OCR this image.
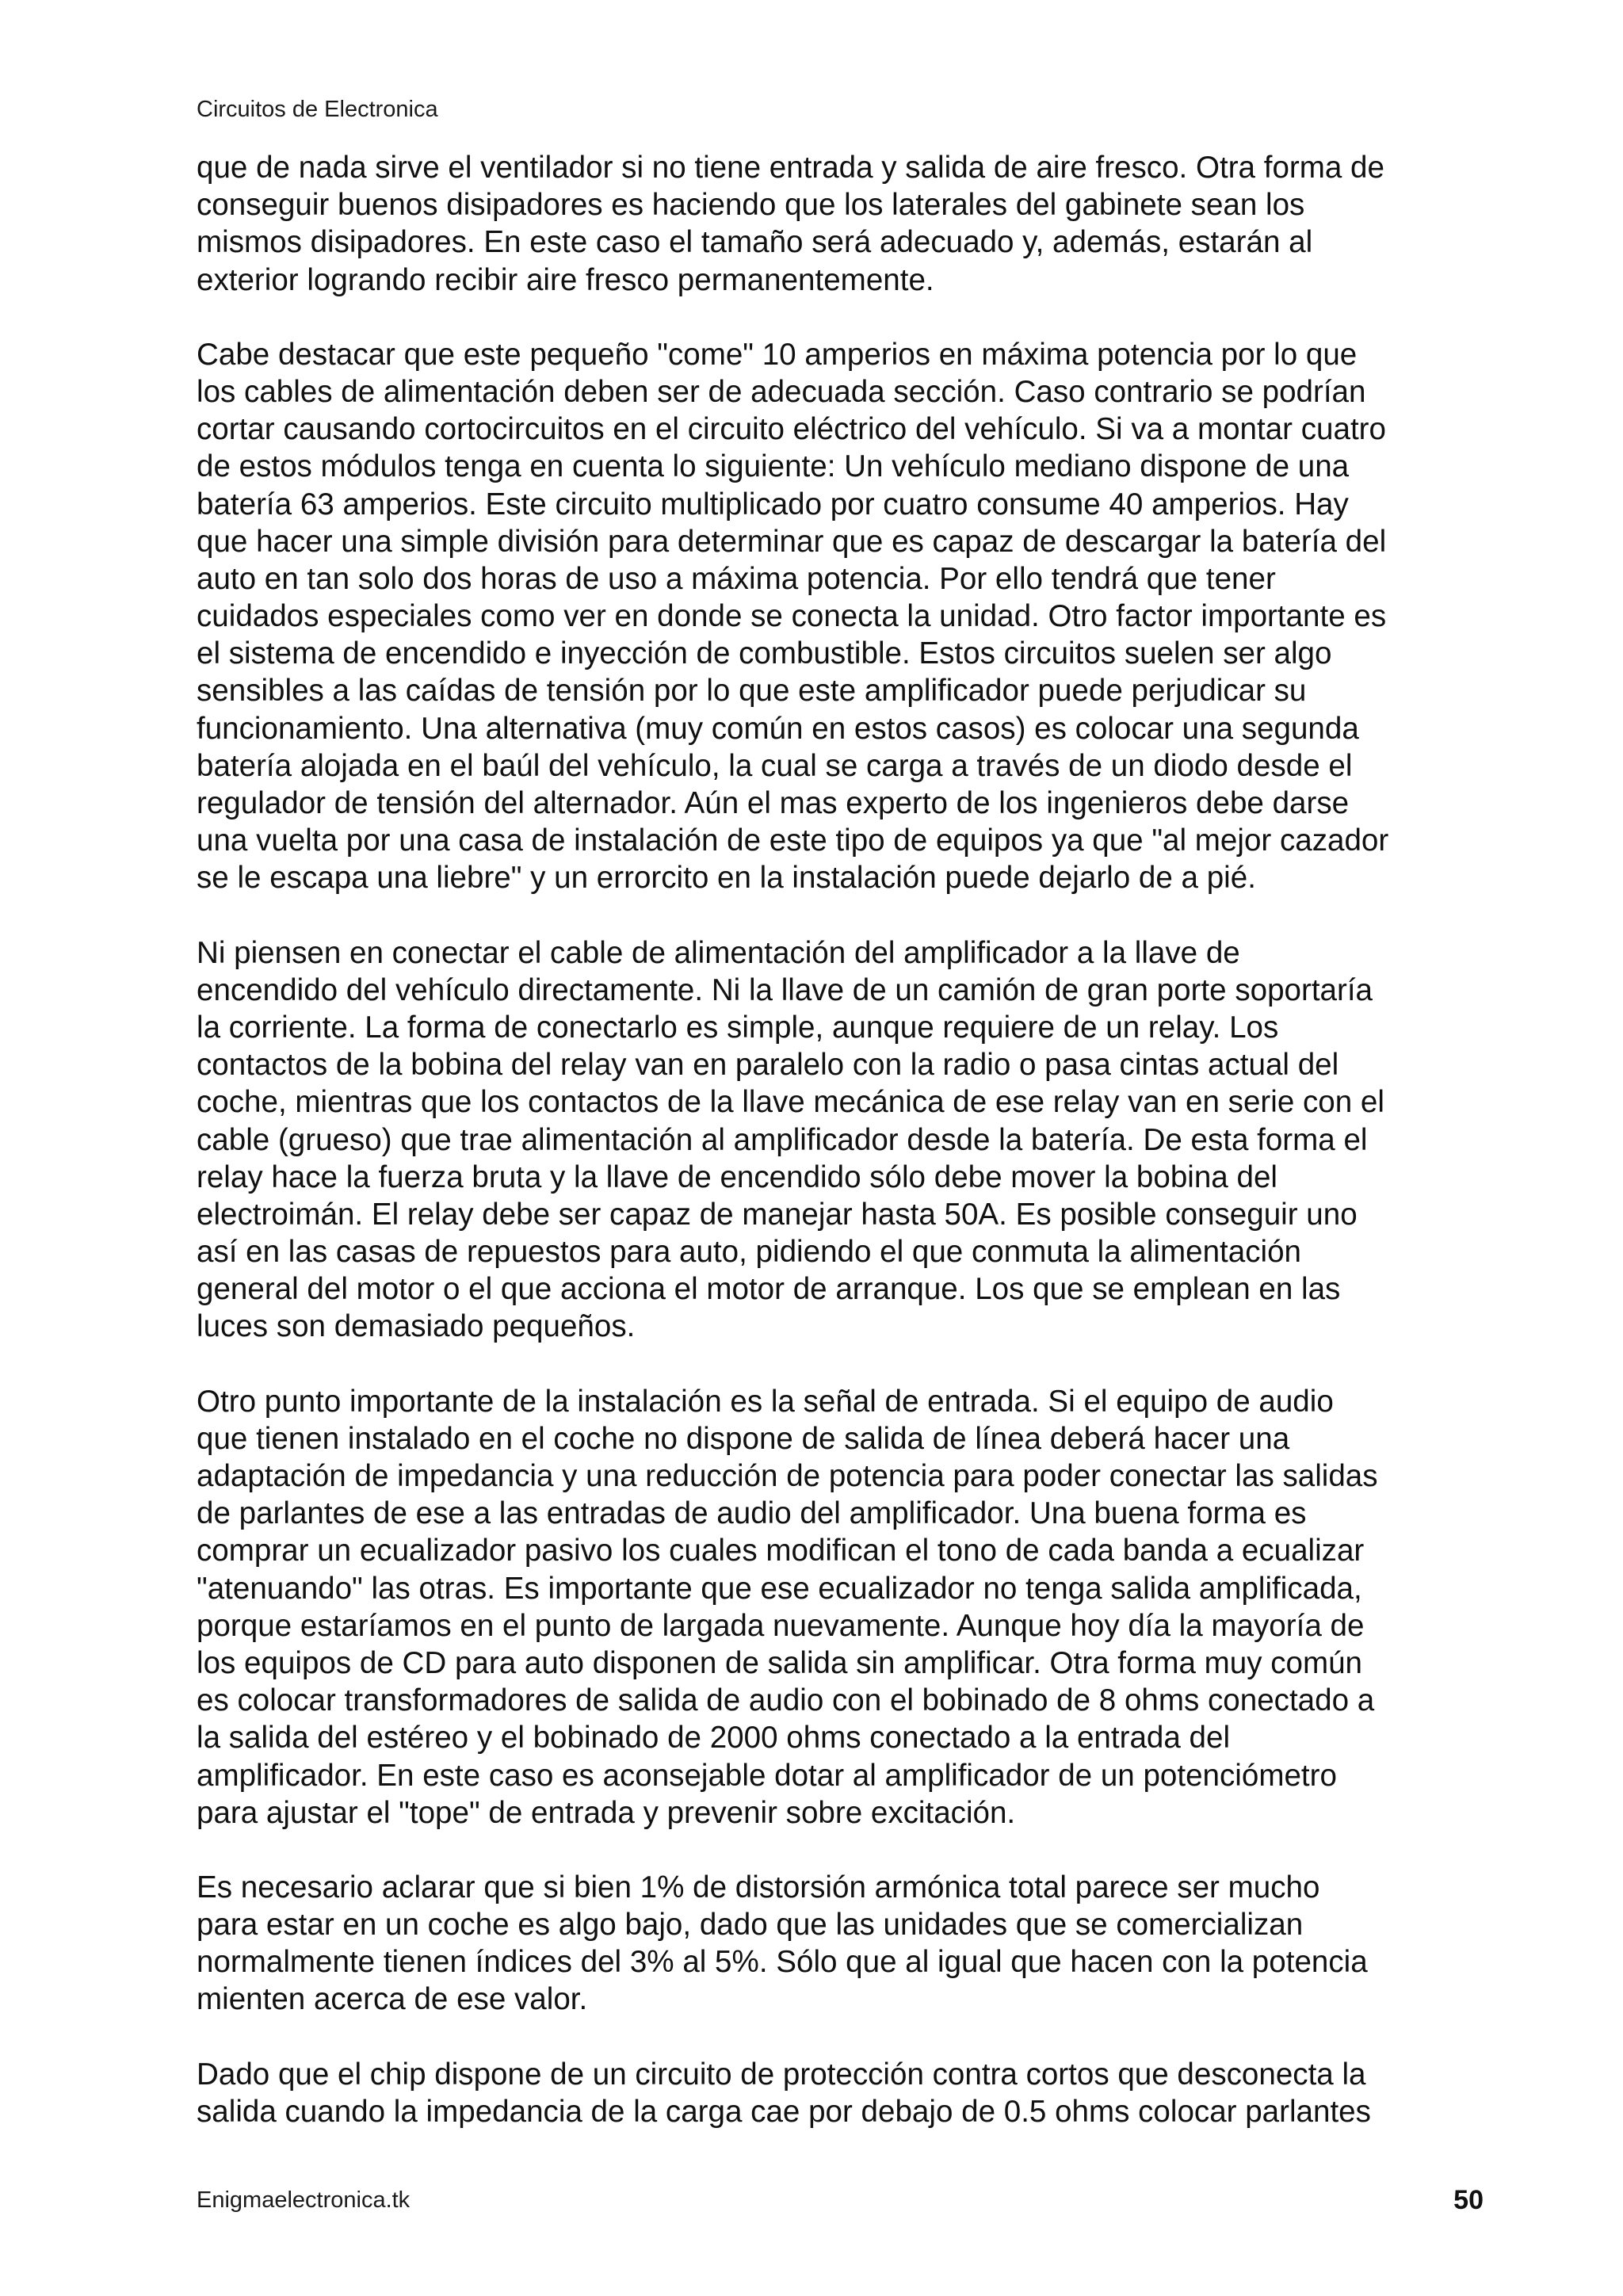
Circuitos de Electronica

que de nada sirve el ventilador si no tiene entrada y salida de aire fresco. Otra forma de
conseguir buenos disipadores es haciendo que los laterales del gabinete sean los
mismos disipadores. En este caso el tamaño será adecuado y, además, estarán al
exterior logrando recibir aire fresco permanentemente.

Cabe destacar que este pequeño "come" 10 amperios en máxima potencia por lo que
los cables de alimentación deben ser de adecuada sección. Caso contrario se podrían
cortar causando cortocircuitos en el circuito eléctrico del vehículo. Si va a montar cuatro
de estos módulos tenga en cuenta lo siguiente: Un vehículo mediano dispone de una
batería 63 amperios. Este circuito multiplicado por cuatro consume 40 amperios. Hay
que hacer una simple división para determinar que es capaz de descargar la batería del
auto en tan solo dos horas de uso a máxima potencia. Por ello tendrá que tener
cuidados especiales como ver en donde se conecta la unidad. Otro factor importante es
el sistema de encendido e inyección de combustible. Estos circuitos suelen ser algo
sensibles a las caídas de tensión por lo que este amplificador puede perjudicar su
funcionamiento. Una alternativa (muy común en estos casos) es colocar una segunda
batería alojada en el baúl del vehículo, la cual se carga a través de un diodo desde el
regulador de tensión del alternador. Aún el mas experto de los ingenieros debe darse
una vuelta por una casa de instalación de este tipo de equipos ya que "al mejor cazador
se le escapa una liebre" y un errorcito en la instalación puede dejarlo de a pié.

Ni piensen en conectar el cable de alimentación del amplificador a la llave de
encendido del vehículo directamente. Ni la llave de un camión de gran porte soportaría
la corriente. La forma de conectarlo es simple, aunque requiere de un relay. Los
contactos de la bobina del relay van en paralelo con la radio o pasa cintas actual del
coche, mientras que los contactos de la llave mecánica de ese relay van en serie con el
cable (grueso) que trae alimentación al amplificador desde la batería. De esta forma el
relay hace la fuerza bruta y la llave de encendido sólo debe mover la bobina del
electroimán. El relay debe ser capaz de manejar hasta 50A. Es posible conseguir uno
así en las casas de repuestos para auto, pidiendo el que conmuta la alimentación
general del motor o el que acciona el motor de arranque. Los que se emplean en las
luces son demasiado pequeños.

Otro punto importante de la instalación es la señal de entrada. Si el equipo de audio
que tienen instalado en el coche no dispone de salida de línea deberá hacer una
adaptación de impedancia y una reducción de potencia para poder conectar las salidas
de parlantes de ese a las entradas de audio del amplificador. Una buena forma es
comprar un ecualizador pasivo los cuales modifican el tono de cada banda a ecualizar
"atenuando" las otras. Es importante que ese ecualizador no tenga salida amplificada,
porque estaríamos en el punto de largada nuevamente. Aunque hoy día la mayoría de
los equipos de CD para auto disponen de salida sin amplificar. Otra forma muy común
es colocar transformadores de salida de audio con el bobinado de 8 ohms conectado a
la salida del estéreo y el bobinado de 2000 ohms conectado a la entrada del
amplificador. En este caso es aconsejable dotar al amplificador de un potenciómetro
para ajustar el "tope" de entrada y prevenir sobre excitación.

Es necesario aclarar que si bien 1% de distorsión armónica total parece ser mucho
para estar en un coche es algo bajo, dado que las unidades que se comercializan
normalmente tienen índices del 3% al 5%. Sólo que al igual que hacen con la potencia
mienten acerca de ese valor.

Dado que el chip dispone de un circuito de protección contra cortos que desconecta la
salida cuando la impedancia de la carga cae por debajo de 0.5 ohms colocar parlantes

Enigmaelectronica.tk	50
